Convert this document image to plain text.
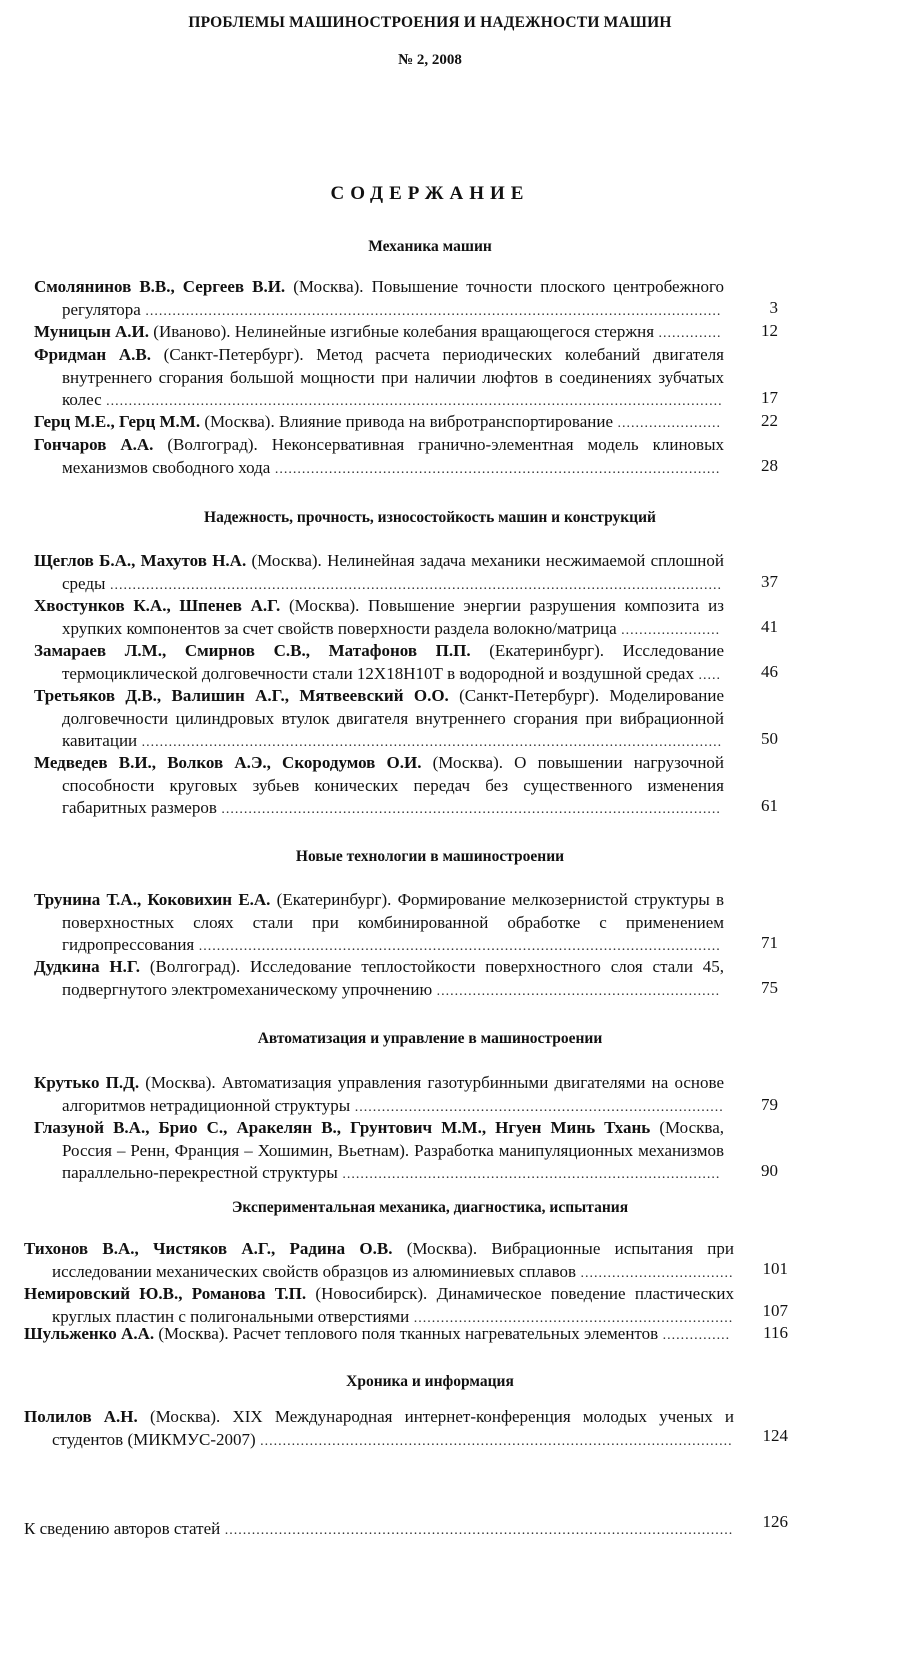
ПРОБЛЕМЫ МАШИНОСТРОЕНИЯ И НАДЕЖНОСТИ МАШИН
№ 2, 2008
СОДЕРЖАНИЕ
Механика машин
Смолянинов В.В., Сергеев В.И. (Москва). Повышение точности плоского центробежного регулятора ................................................................................................................................	3
Муницын А.И. (Иваново). Нелинейные изгибные колебания вращающегося стержня ..............	12
Фридман А.В. (Санкт-Петербург). Метод расчета периодических колебаний двигателя внутреннего сгорания большой мощности при наличии люфтов в соединениях зубчатых колес .........................................................................................................................................	17
Герц М.Е., Герц М.М. (Москва). Влияние привода на вибротранспортирование .......................	22
Гончаров А.А. (Волгоград). Неконсервативная гранично-элементная модель клиновых механизмов свободного хода ...................................................................................................	28
Надежность, прочность, износостойкость машин и конструкций
Щеглов Б.А., Махутов Н.А. (Москва). Нелинейная задача механики несжимаемой сплошной среды ........................................................................................................................................	37
Хвостунков К.А., Шпенев А.Г. (Москва). Повышение энергии разрушения композита из хрупких компонентов за счет свойств поверхности раздела волокно/матрица ......................	41
Замараев Л.М., Смирнов С.В., Матафонов П.П. (Екатеринбург). Исследование термоциклической долговечности стали 12Х18Н10Т в водородной и воздушной средах .....	46
Третьяков Д.В., Валишин А.Г., Мятвеевский О.О. (Санкт-Петербург). Моделирование долговечности цилиндровых втулок двигателя внутреннего сгорания при вибрационной кавитации .................................................................................................................................	50
Медведев В.И., Волков А.Э., Скородумов О.И. (Москва). О повышении нагрузочной способности круговых зубьев конических передач без существенного изменения габаритных размеров ...............................................................................................................	61
Новые технологии в машиностроении
Трунина Т.А., Коковихин Е.А. (Екатеринбург). Формирование мелкозернистой структуры в поверхностных слоях стали при комбинированной обработке с применением гидропрессования ....................................................................................................................	71
Дудкина Н.Г. (Волгоград). Исследование теплостойкости поверхностного слоя стали 45, подвергнутого электромеханическому упрочнению ...............................................................	75
Автоматизация и управление в машиностроении
Крутько П.Д. (Москва). Автоматизация управления газотурбинными двигателями на основе алгоритмов нетрадиционной структуры ..................................................................................	79
Глазуной В.А., Брио С., Аракелян В., Грунтович М.М., Нгуен Минь Тхань (Москва, Россия – Ренн, Франция – Хошимин, Вьетнам). Разработка манипуляционных механизмов параллельно-перекрестной структуры ....................................................................................	90
Экспериментальная механика, диагностика, испытания
Тихонов В.А., Чистяков А.Г., Радина О.В. (Москва). Вибрационные испытания при исследовании механических свойств образцов из алюминиевых сплавов ..................................	101
Немировский Ю.В., Романова Т.П. (Новосибирск). Динамическое поведение пластических круглых пластин с полигональными отверстиями .......................................................................	107
Шульженко А.А. (Москва). Расчет теплового поля тканных нагревательных элементов ...............	116
Хроника и информация
Полилов А.Н. (Москва). XIX Международная интернет-конференция молодых ученых и студентов (МИКМУС-2007) .........................................................................................................	124
К сведению авторов статей .................................................................................................................	126
